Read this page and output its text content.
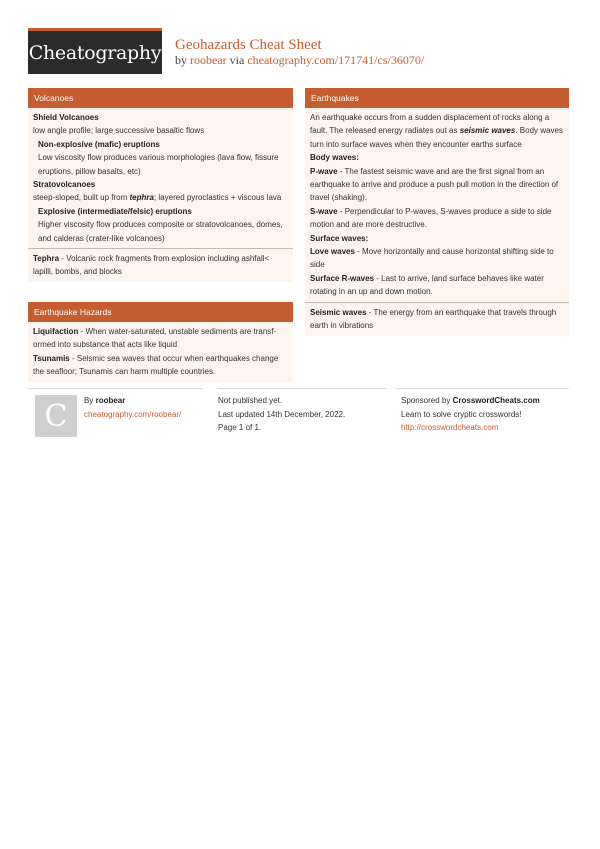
Cheatography Geohazards Cheat Sheet
by roobear via cheatography.com/171741/cs/36070/
Volcanoes
Shield Volcanoes
low angle profile; large successive basaltic flows
Non-explosive (mafic) eruptions
Low viscosity flow produces various morphologies (lava flow, fissure eruptions, pillow basalts, etc)
Stratovolcanoes
steep-sloped, built up from tephra; layered pyroclastics + viscous lava
Explosive (intermediate/felsic) eruptions
Higher viscosity flow produces composite or stratovolcanoes, domes, and calderas (crater-like volcanoes)
Tephra - Volcanic rock fragments from explosion including ashfall< lapilli, bombs, and blocks
Earthquake Hazards
Liquifaction - When water-saturated, unstable sediments are transformed into substance that acts like liquid
Tsunamis - Seismic sea waves that occur when earthquakes change the seafloor; Tsunamis can harm multiple countries.
Earthquakes
An earthquake occurs from a sudden displacement of rocks along a fault. The released energy radiates out as seismic waves. Body waves turn into surface waves when they encounter earths surface
Body waves:
P-wave - The fastest seismic wave and are the first signal from an earthquake to arrive and produce a push pull motion in the direction of travel (shaking).
S-wave - Perpendicular to P-waves, S-waves produce a side to side motion and are more destructive.
Surface waves:
Love waves - Move horizontally and cause horizontal shifting side to side
Surface R-waves - Last to arrive, land surface behaves like water rotating in an up and down motion.
Seismic waves - The energy from an earthquake that travels through earth in vibrations
C By roobear
cheatography.com/roobear/
Not published yet.
Last updated 14th December, 2022.
Page 1 of 1.
Sponsored by CrosswordCheats.com
Learn to solve cryptic crosswords!
http://crosswordcheats.com
